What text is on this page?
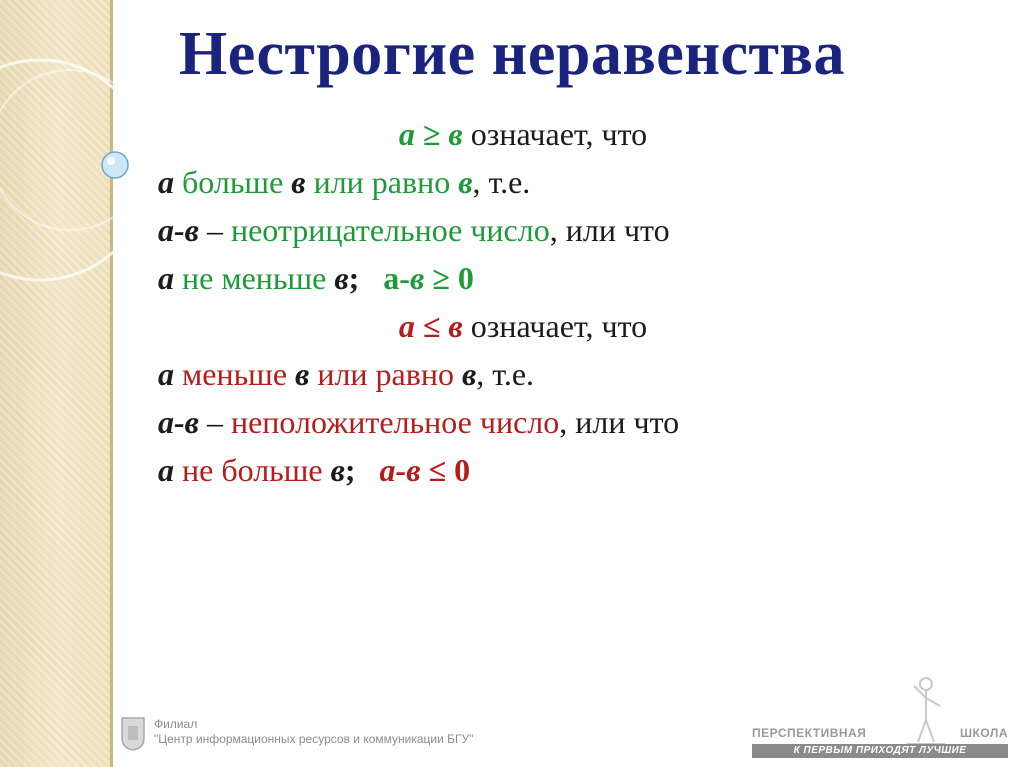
Нестрогие неравенства
а ≥ в означает, что
а больше в или равно в, т.е.
а-в – неотрицательное число, или что
а не меньше в; а-в ≥ 0
а ≤ в означает, что
а меньше в или равно в, т.е.
а-в – неположительное число, или что
а не больше в; а-в ≤ 0
Филиал
"Центр информационных ресурсов и коммуникации БГУ"	ПЕРСПЕКТИВНАЯ	ШКОЛА
К ПЕРВЫМ ПРИХОДЯТ ЛУЧШИЕ
